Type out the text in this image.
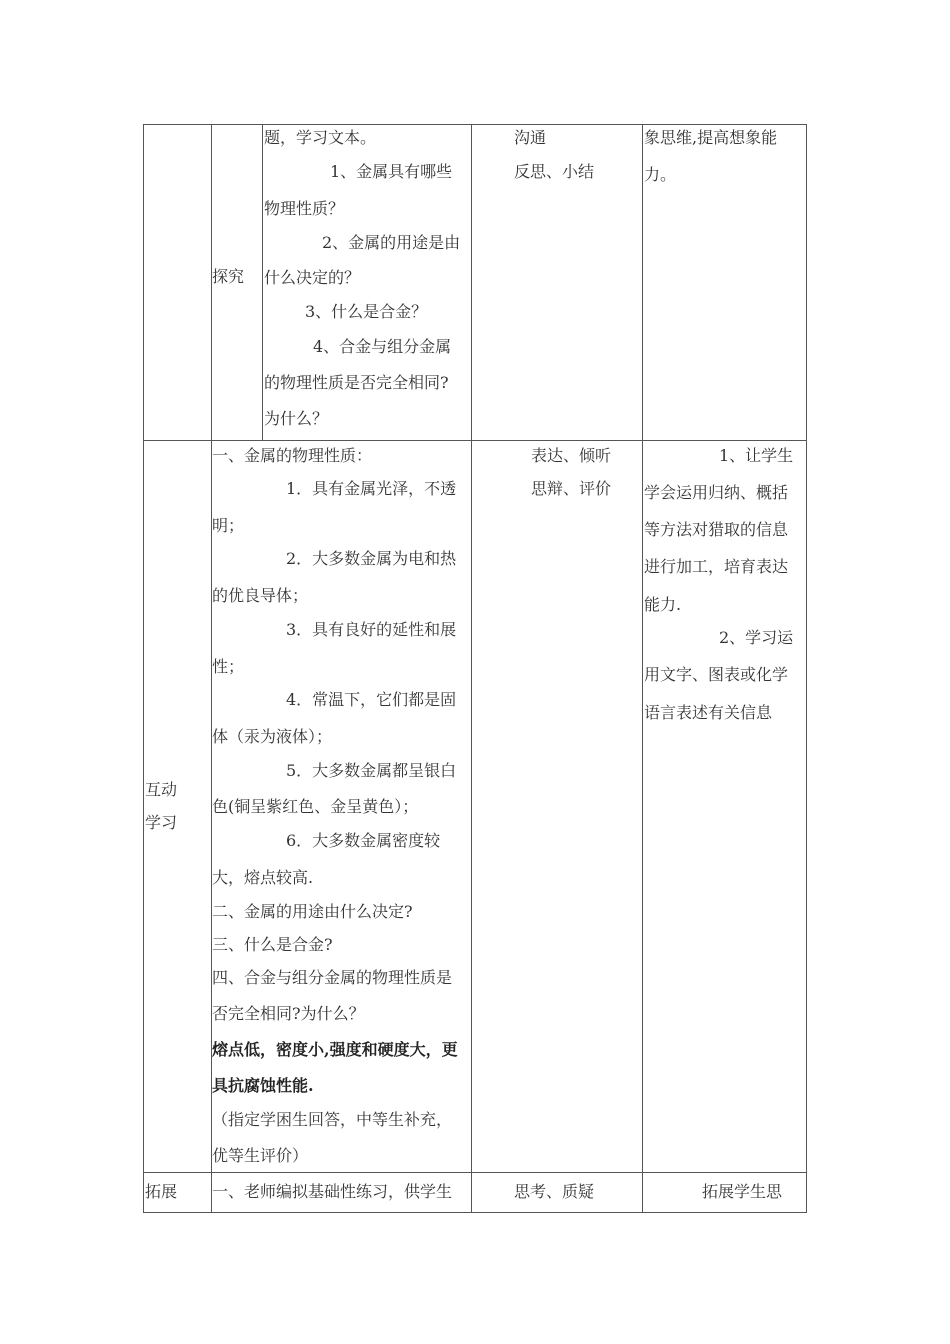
探究
题，学习文本。
1、金属具有哪些
物理性质？
2、金属的用途是由
什么决定的？
3、什么是合金？
4、合金与组分金属
的物理性质是否完全相同?
为什么？
沟通
反思、小结
象思维,提高想象能
力。
互动
学习
一、金属的物理性质：
1．具有金属光泽，不透
明；
2．大多数金属为电和热
的优良导体；
3．具有良好的延性和展
性；
4．常温下，它们都是固
体（汞为液体）；
5．大多数金属都呈银白
色(铜呈紫红色、金呈黄色）；
6．大多数金属密度较
大，熔点较高.
二、金属的用途由什么决定?
三、什么是合金?
四、合金与组分金属的物理性质是
否完全相同?为什么？
熔点低，密度小,强度和硬度大，更
具抗腐蚀性能.
（指定学困生回答，中等生补充，
优等生评价）
表达、倾听
思辩、评价
1、让学生
学会运用归纳、概括
等方法对猎取的信息
进行加工，培育表达
能力.
2、学习运
用文字、图表或化学
语言表述有关信息
拓展 一、老师编拟基础性练习，供学生	思考、质疑	拓展学生思
